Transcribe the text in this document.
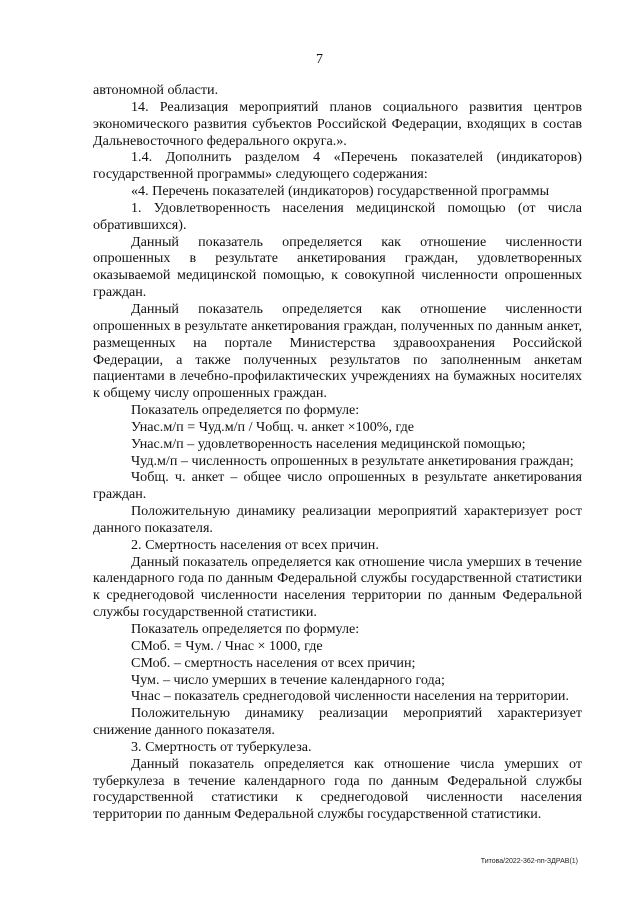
7

автономной области.

14. Реализация мероприятий планов социального развития центров экономического развития субъектов Российской Федерации, входящих в состав Дальневосточного федерального округа.».

1.4. Дополнить разделом 4 «Перечень показателей (индикаторов) государственной программы» следующего содержания:

«4. Перечень показателей (индикаторов) государственной программы

1. Удовлетворенность населения медицинской помощью (от числа обратившихся).

Данный показатель определяется как отношение численности опрошенных в результате анкетирования граждан, удовлетворенных оказываемой медицинской помощью, к совокупной численности опрошенных граждан.

Данный показатель определяется как отношение численности опрошенных в результате анкетирования граждан, полученных по данным анкет, размещенных на портале Министерства здравоохранения Российской Федерации, а также полученных результатов по заполненным анкетам пациентами в лечебно-профилактических учреждениях на бумажных носителях к общему числу опрошенных граждан.

Показатель определяется по формуле:

Унас.м/п = Чуд.м/п / Чобщ. ч. анкет ×100%, где

Унас.м/п – удовлетворенность населения медицинской помощью;

Чуд.м/п – численность опрошенных в результате анкетирования граждан;

Чобщ. ч. анкет – общее число опрошенных в результате анкетирования граждан.

Положительную динамику реализации мероприятий характеризует рост данного показателя.

2. Смертность населения от всех причин.

Данный показатель определяется как отношение числа умерших в течение календарного года по данным Федеральной службы государственной статистики к среднегодовой численности населения территории по данным Федеральной службы государственной статистики.

Показатель определяется по формуле:

СМоб. = Чум. / Чнас × 1000, где

СМоб. – смертность населения от всех причин;

Чум. – число умерших в течение календарного года;

Чнас – показатель среднегодовой численности населения на территории.

Положительную динамику реализации мероприятий характеризует снижение данного показателя.

3. Смертность от туберкулеза.

Данный показатель определяется как отношение числа умерших от туберкулеза в течение календарного года по данным Федеральной службы государственной статистики к среднегодовой численности населения территории по данным Федеральной службы государственной статистики.

Титова/2022-362-пп-ЗДРАВ(1)
